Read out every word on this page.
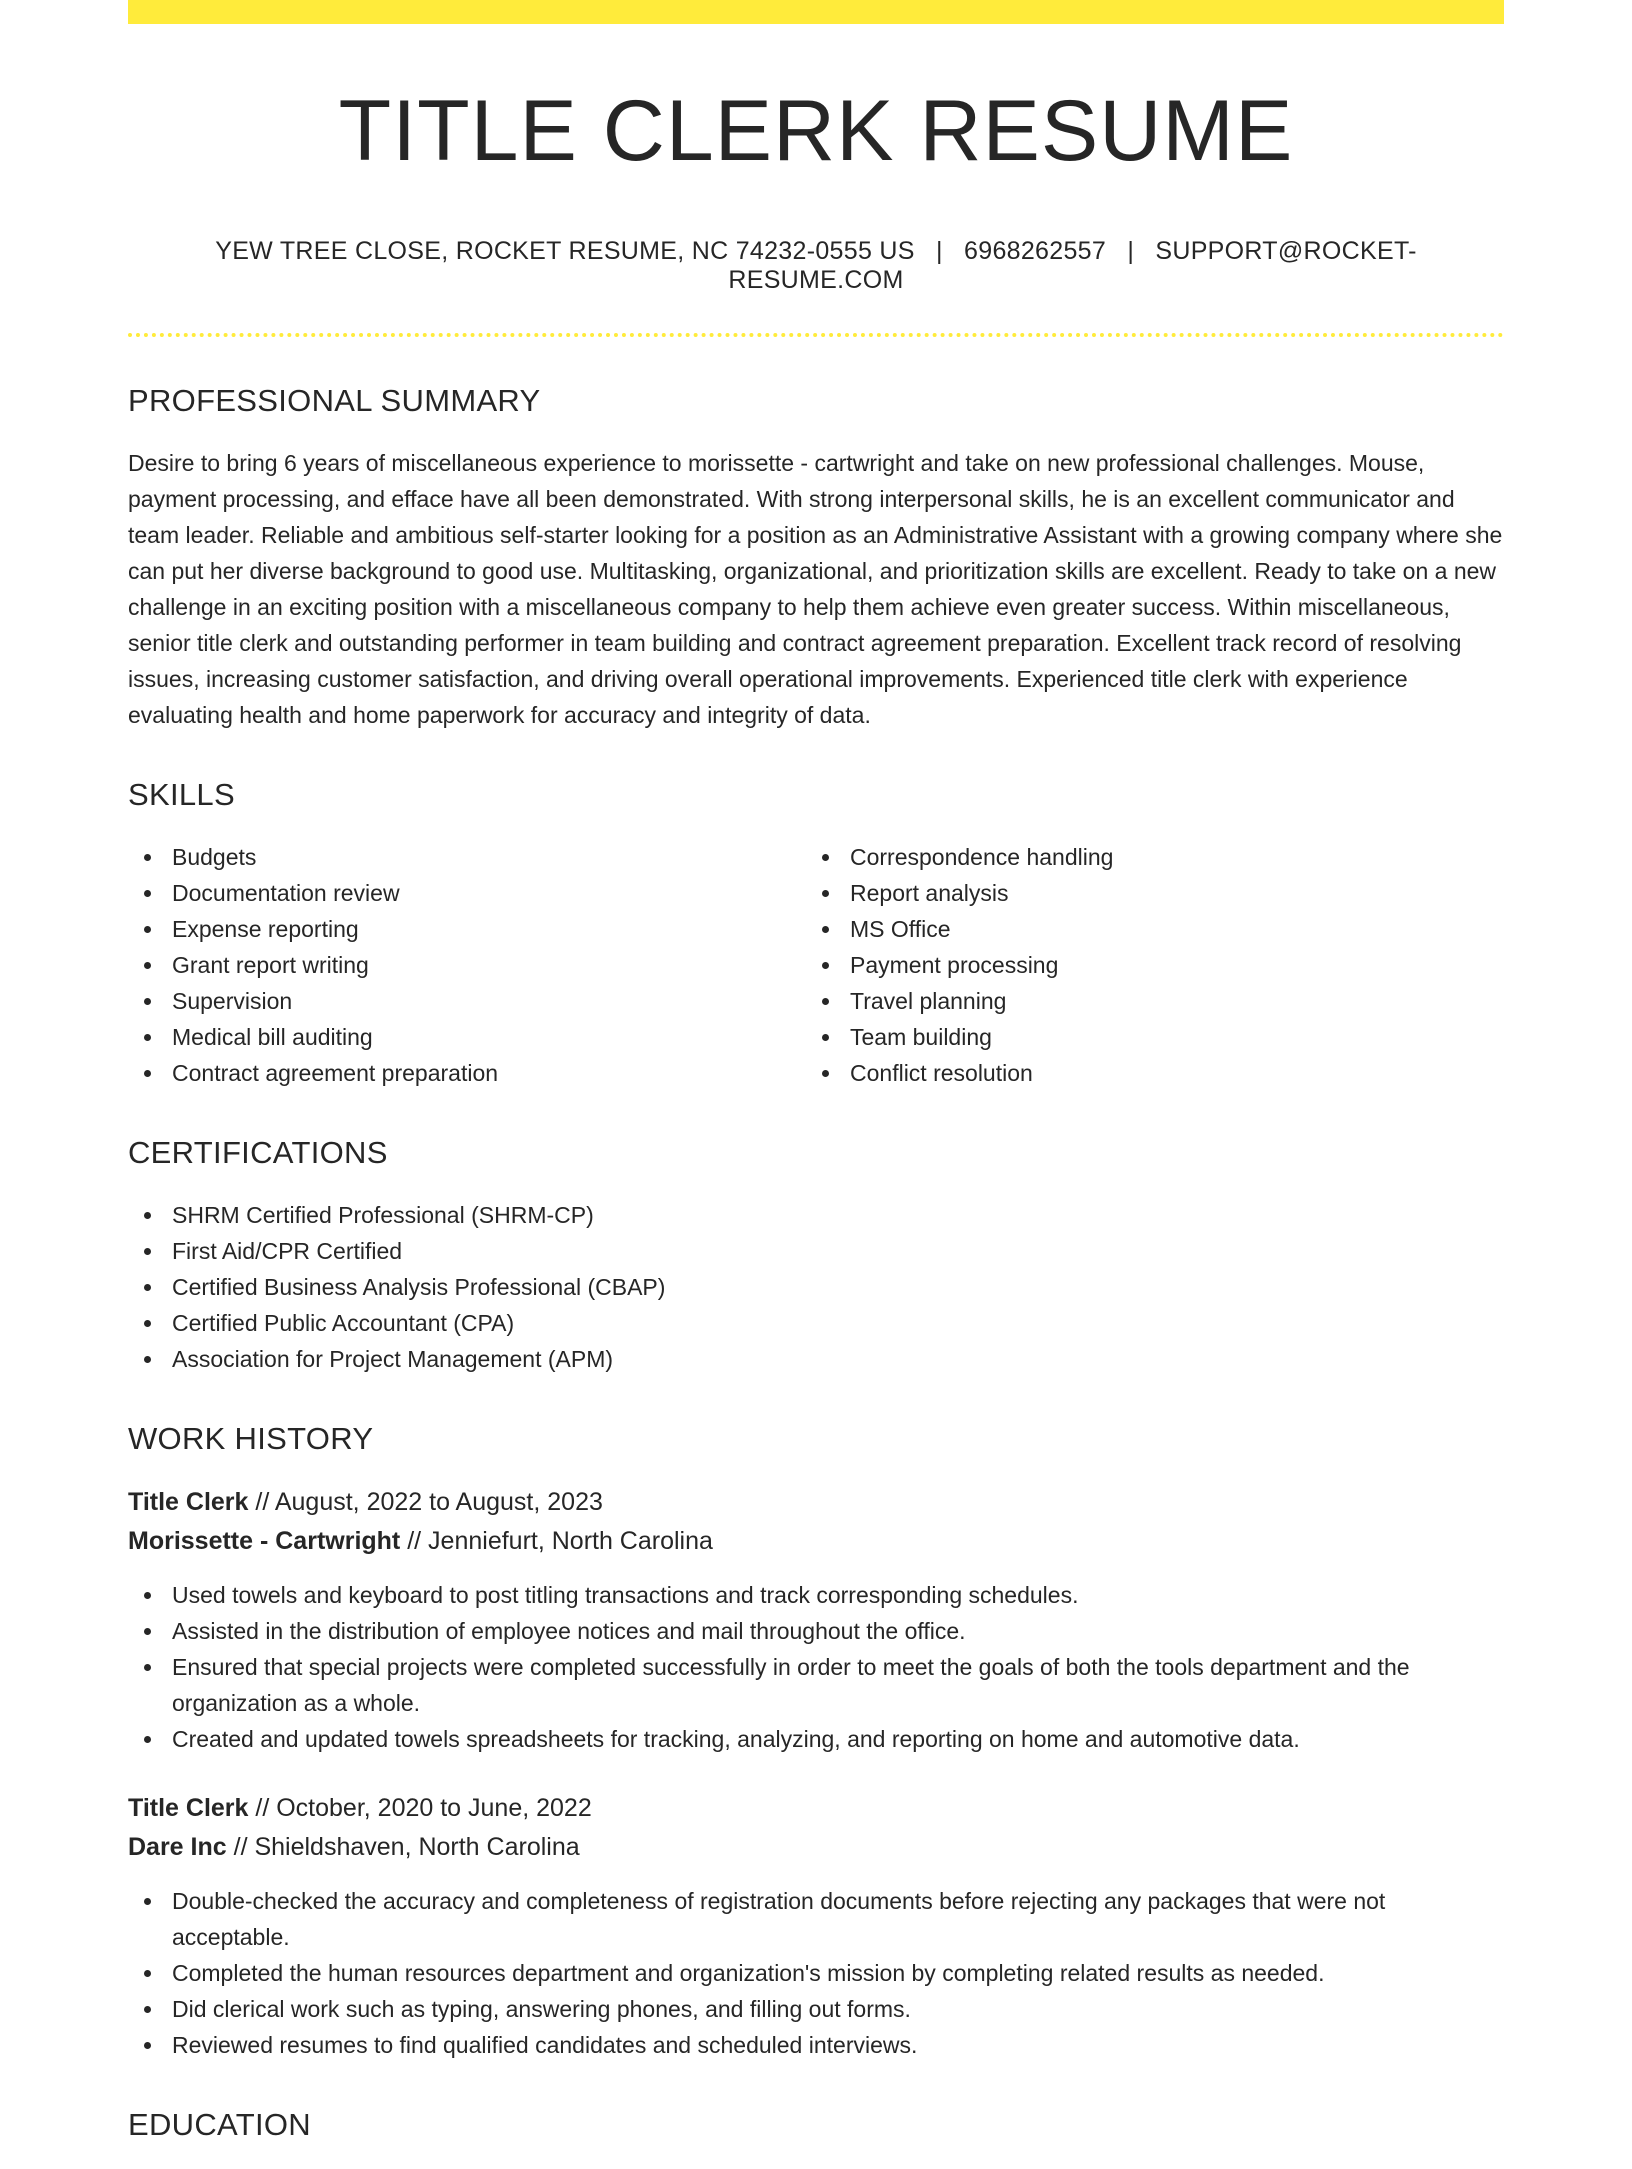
TITLE CLERK RESUME
YEW TREE CLOSE, ROCKET RESUME, NC 74232-0555 US | 6968262557 | SUPPORT@ROCKET-RESUME.COM
PROFESSIONAL SUMMARY

Desire to bring 6 years of miscellaneous experience to morissette - cartwright and take on new professional challenges. Mouse, payment processing, and efface have all been demonstrated. With strong interpersonal skills, he is an excellent communicator and team leader. Reliable and ambitious self-starter looking for a position as an Administrative Assistant with a growing company where she can put her diverse background to good use. Multitasking, organizational, and prioritization skills are excellent. Ready to take on a new challenge in an exciting position with a miscellaneous company to help them achieve even greater success. Within miscellaneous, senior title clerk and outstanding performer in team building and contract agreement preparation. Excellent track record of resolving issues, increasing customer satisfaction, and driving overall operational improvements. Experienced title clerk with experience evaluating health and home paperwork for accuracy and integrity of data.

SKILLS
Budgets
Documentation review
Expense reporting
Grant report writing
Supervision
Medical bill auditing
Contract agreement preparation
Correspondence handling
Report analysis
MS Office
Payment processing
Travel planning
Team building
Conflict resolution
CERTIFICATIONS
SHRM Certified Professional (SHRM-CP)
First Aid/CPR Certified
Certified Business Analysis Professional (CBAP)
Certified Public Accountant (CPA)
Association for Project Management (APM)
WORK HISTORY
Title Clerk // August, 2022 to August, 2023
Morissette - Cartwright // Jenniefurt, North Carolina
Used towels and keyboard to post titling transactions and track corresponding schedules.
Assisted in the distribution of employee notices and mail throughout the office.
Ensured that special projects were completed successfully in order to meet the goals of both the tools department and the organization as a whole.
Created and updated towels spreadsheets for tracking, analyzing, and reporting on home and automotive data.
Title Clerk // October, 2020 to June, 2022
Dare Inc // Shieldshaven, North Carolina
Double-checked the accuracy and completeness of registration documents before rejecting any packages that were not acceptable.
Completed the human resources department and organization's mission by completing related results as needed.
Did clerical work such as typing, answering phones, and filling out forms.
Reviewed resumes to find qualified candidates and scheduled interviews.
EDUCATION
